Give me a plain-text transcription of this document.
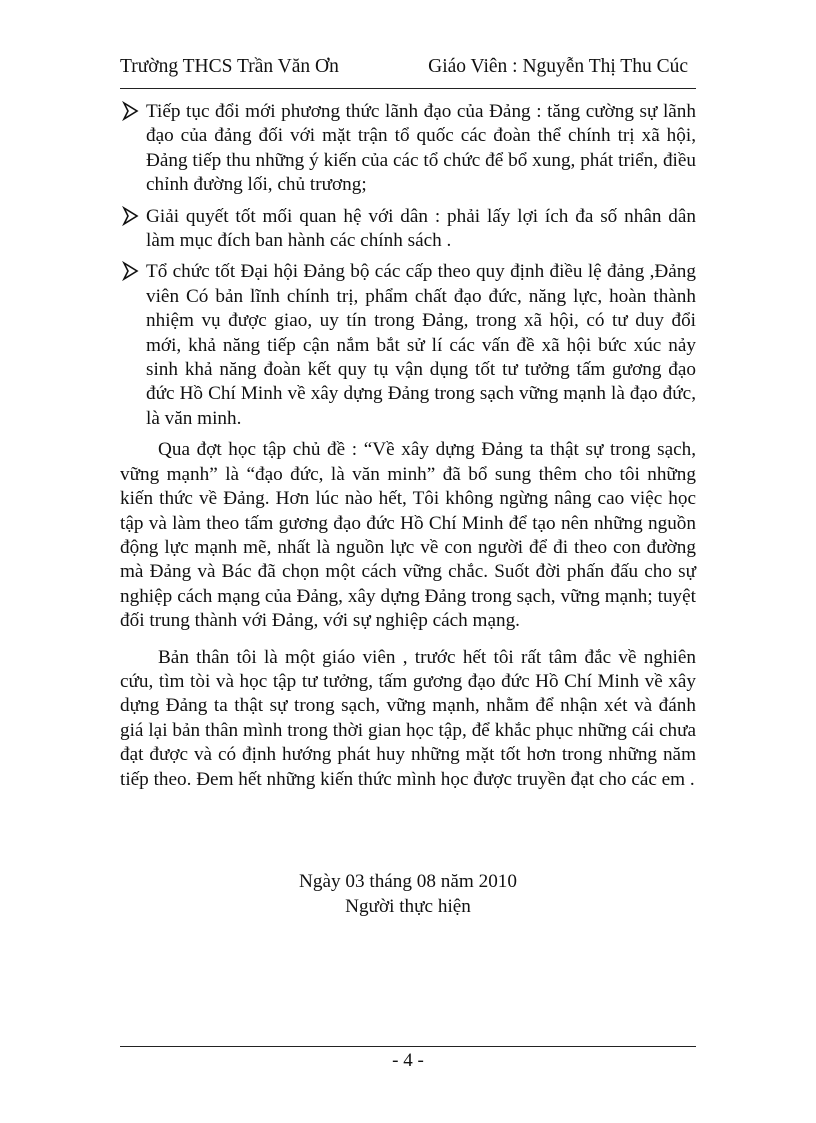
Trường THCS Trần Văn Ơn	Giáo Viên : Nguyễn Thị Thu Cúc
Tiếp tục đổi mới phương thức lãnh đạo của Đảng : tăng cường sự lãnh đạo của đảng đối với mặt trận tổ quốc các đoàn thể chính trị xã hội, Đảng tiếp thu những ý kiến của các tổ chức để bổ xung, phát triển, điều chỉnh đường lối, chủ trương;
Giải quyết tốt mối quan hệ với dân : phải lấy lợi ích đa số nhân dân làm mục đích ban hành các chính sách .
Tổ chức tốt Đại hội Đảng bộ các cấp theo quy định điều lệ đảng ,Đảng viên Có bản lĩnh chính trị, phẩm chất đạo đức, năng lực, hoàn thành nhiệm vụ được giao, uy tín trong Đảng, trong xã hội, có tư duy đổi mới, khả năng tiếp cận nắm bắt sử lí các vấn đề xã hội bức xúc nảy sinh khả năng đoàn kết quy tụ vận dụng tốt tư tưởng tấm gương đạo đức Hồ Chí Minh về xây dựng Đảng trong sạch vững mạnh là đạo đức, là văn minh.

Qua đợt học tập chủ đề : “Về xây dựng Đảng ta thật sự trong sạch, vững mạnh” là “đạo đức, là văn minh” đã bổ sung thêm cho tôi những kiến thức về Đảng. Hơn lúc nào hết, Tôi không ngừng nâng cao việc học tập và làm theo tấm gương đạo đức Hồ Chí Minh để tạo nên những nguồn động lực mạnh mẽ, nhất là nguồn lực về con người để đi theo con đường mà Đảng và Bác đã chọn một cách vững chắc. Suốt đời phấn đấu cho sự nghiệp cách mạng của Đảng, xây dựng Đảng trong sạch, vững mạnh; tuyệt đối trung thành với Đảng, với sự nghiệp cách mạng.

Bản thân tôi là một giáo viên , trước hết tôi rất tâm đắc về nghiên cứu, tìm tòi và học tập tư tưởng, tấm gương đạo đức Hồ Chí Minh về xây dựng Đảng ta thật sự trong sạch, vững mạnh, nhằm để nhận xét và đánh giá lại bản thân mình trong thời gian học tập, để khắc phục những cái chưa đạt được và có định hướng phát huy những mặt tốt hơn trong những năm tiếp theo. Đem hết những kiến thức mình học được truyền đạt cho các em .

Ngày 03 tháng 08 năm 2010
Người thực hiện
- 4 -
